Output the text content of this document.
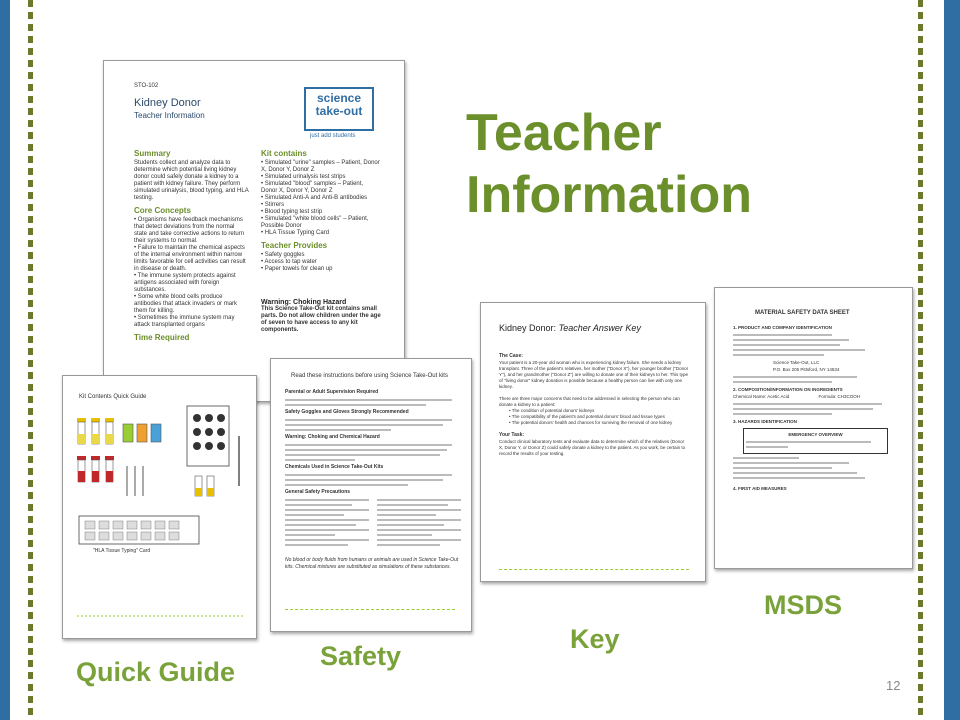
STO-102
Kidney Donor
Teacher Information
science
take-out
just add students
Summary
Students collect and analyze data to determine which potential living kidney donor could safely donate a kidney to a patient with kidney failure. They perform simulated urinalysis, blood typing, and HLA testing.
Core Concepts
• Organisms have feedback mechanisms that detect deviations from the normal state and take corrective actions to return their systems to normal.
• Failure to maintain the chemical aspects of the internal environment within narrow limits favorable for cell activities can result in disease or death.
• The immune system protects against antigens associated with foreign substances.
• Some white blood cells produce antibodies that attack invaders or mark them for killing.
• Sometimes the immune system may attack transplanted organs
Time Required
Kit contains
• Simulated "urine" samples – Patient, Donor X, Donor Y, Donor Z
• Simulated urinalysis test strips
• Simulated "blood" samples – Patient, Donor X, Donor Y, Donor Z
• Simulated Anti-A and Anti-B antibodies
• Stirrers
• Blood typing test strip
• Simulated "white blood cells" – Patient, Possible Donor
• HLA Tissue Typing Card
Teacher Provides
• Safety goggles
• Access to tap water
• Paper towels for clean up
Warning: Choking Hazard
This Science Take-Out kit contains small parts. Do not allow children under the age of seven to have access to any kit components.
Kit Contents Quick Guide
"HLA Tissue Typing" Card
Read these instructions before using Science Take-Out kits
Parental or Adult Supervision Required
Safety Goggles and Gloves Strongly Recommended
Warning: Choking and Chemical Hazard
Chemicals Used in Science Take-Out Kits
General Safety Precautions
No blood or body fluids from humans or animals are used in Science Take-Out kits. Chemical mixtures are substituted as simulations of these substances.
Kidney Donor: Teacher Answer Key
The Case:
Your patient is a 20-year old woman who is experiencing kidney failure. She needs a kidney transplant. Three of the patient's relatives, her mother ("Donor X"), her younger brother ("Donor Y"), and her grandmother ("Donor Z") are willing to donate one of their kidneys to her. This type of "living donor" kidney donation is possible because a healthy person can live with only one kidney.
There are three major concerns that need to be addressed in selecting the person who can donate a kidney to a patient:
• The condition of potential donors' kidneys
• The compatibility of the patient's and potential donors' blood and tissue types
• The potential donors' health and chances for surviving the removal of one kidney
Your Task:
Conduct clinical laboratory tests and evaluate data to determine which of the relatives (Donor X, Donor Y, or Donor Z) could safely donate a kidney to the patient. As you work, be certain to record the results of your testing.
MATERIAL SAFETY DATA SHEET
1. PRODUCT AND COMPANY IDENTIFICATION
Science Take-Out, LLC
P.O. Box 205 Pittsford, NY 14534
2. COMPOSITION/INFORMATION ON INGREDIENTS
Chemical Name: Acetic Acid	Formula: CH3COOH
3. HAZARDS IDENTIFICATION
EMERGENCY OVERVIEW
4. FIRST AID MEASURES
Teacher
Information
Quick Guide
Safety
Key
MSDS
12
